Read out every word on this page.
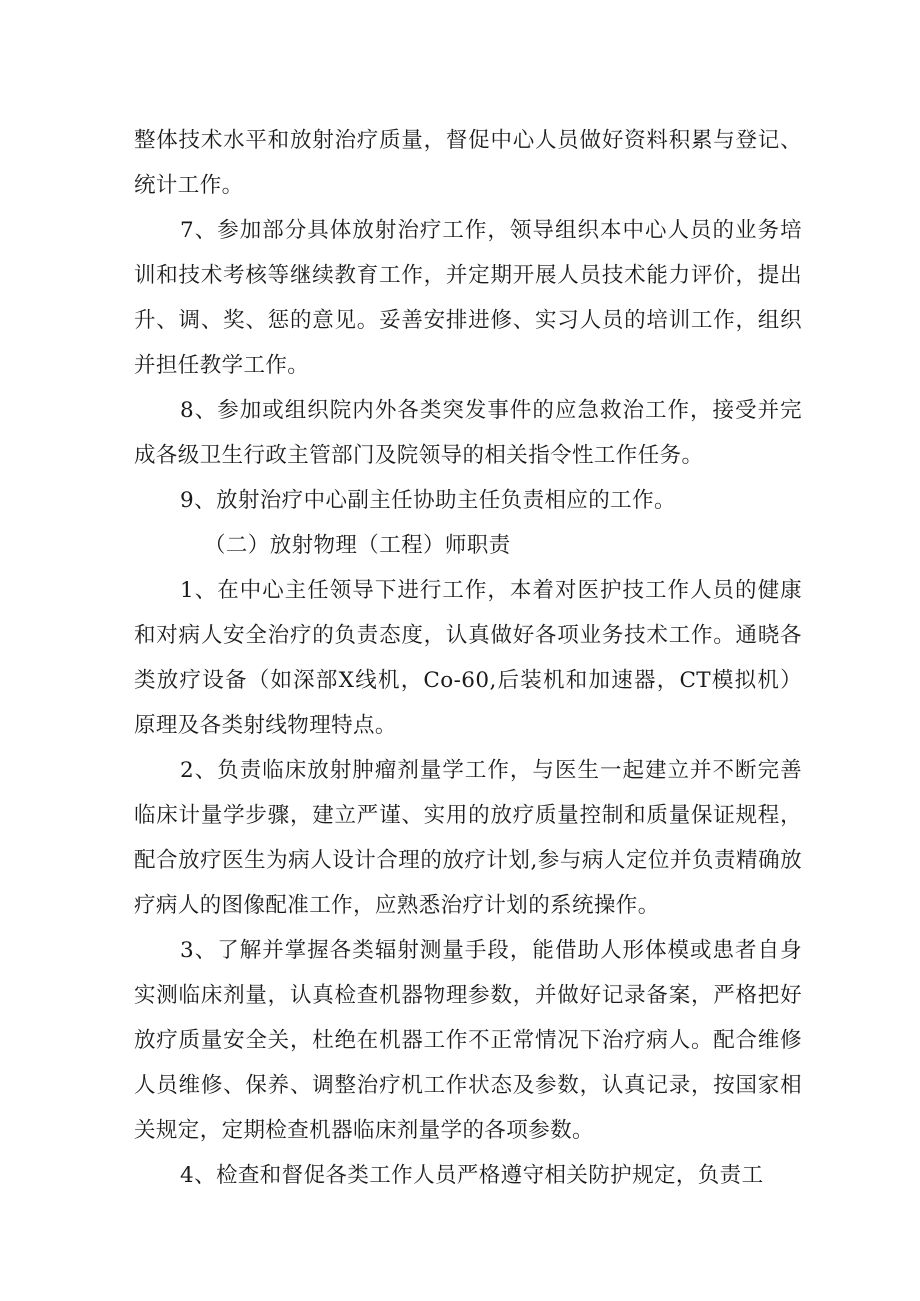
整体技术水平和放射治疗质量，督促中心人员做好资料积累与登记、统计工作。

7、参加部分具体放射治疗工作，领导组织本中心人员的业务培训和技术考核等继续教育工作，并定期开展人员技术能力评价，提出升、调、奖、惩的意见。妥善安排进修、实习人员的培训工作，组织并担任教学工作。

8、参加或组织院内外各类突发事件的应急救治工作，接受并完成各级卫生行政主管部门及院领导的相关指令性工作任务。

9、放射治疗中心副主任协助主任负责相应的工作。

（二）放射物理（工程）师职责

1、在中心主任领导下进行工作，本着对医护技工作人员的健康和对病人安全治疗的负责态度，认真做好各项业务技术工作。通晓各类放疗设备（如深部X线机，Co-60,后装机和加速器，CT模拟机）原理及各类射线物理特点。

2、负责临床放射肿瘤剂量学工作，与医生一起建立并不断完善临床计量学步骤，建立严谨、实用的放疗质量控制和质量保证规程，配合放疗医生为病人设计合理的放疗计划,参与病人定位并负责精确放疗病人的图像配准工作，应熟悉治疗计划的系统操作。

3、了解并掌握各类辐射测量手段，能借助人形体模或患者自身实测临床剂量，认真检查机器物理参数，并做好记录备案，严格把好放疗质量安全关，杜绝在机器工作不正常情况下治疗病人。配合维修人员维修、保养、调整治疗机工作状态及参数，认真记录，按国家相关规定，定期检查机器临床剂量学的各项参数。

4、检查和督促各类工作人员严格遵守相关防护规定，负责工
